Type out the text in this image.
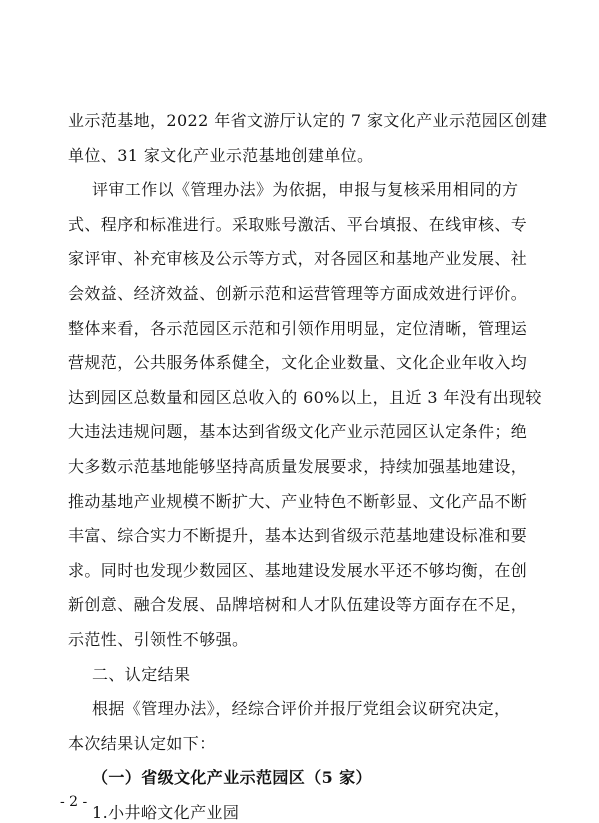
业示范基地，2022 年省文游厅认定的 7 家文化产业示范园区创建
单位、31 家文化产业示范基地创建单位。
评审工作以《管理办法》为依据，申报与复核采用相同的方
式、程序和标准进行。采取账号激活、平台填报、在线审核、专
家评审、补充审核及公示等方式，对各园区和基地产业发展、社
会效益、经济效益、创新示范和运营管理等方面成效进行评价。
整体来看，各示范园区示范和引领作用明显，定位清晰，管理运
营规范，公共服务体系健全，文化企业数量、文化企业年收入均
达到园区总数量和园区总收入的 60%以上，且近 3 年没有出现较
大违法违规问题，基本达到省级文化产业示范园区认定条件；绝
大多数示范基地能够坚持高质量发展要求，持续加强基地建设，
推动基地产业规模不断扩大、产业特色不断彰显、文化产品不断
丰富、综合实力不断提升，基本达到省级示范基地建设标准和要
求。同时也发现少数园区、基地建设发展水平还不够均衡，在创
新创意、融合发展、品牌培树和人才队伍建设等方面存在不足，
示范性、引领性不够强。
二、认定结果
根据《管理办法》，经综合评价并报厅党组会议研究决定，
本次结果认定如下：
- 2 -
（一）省级文化产业示范园区（5 家）
1.小井峪文化产业园
